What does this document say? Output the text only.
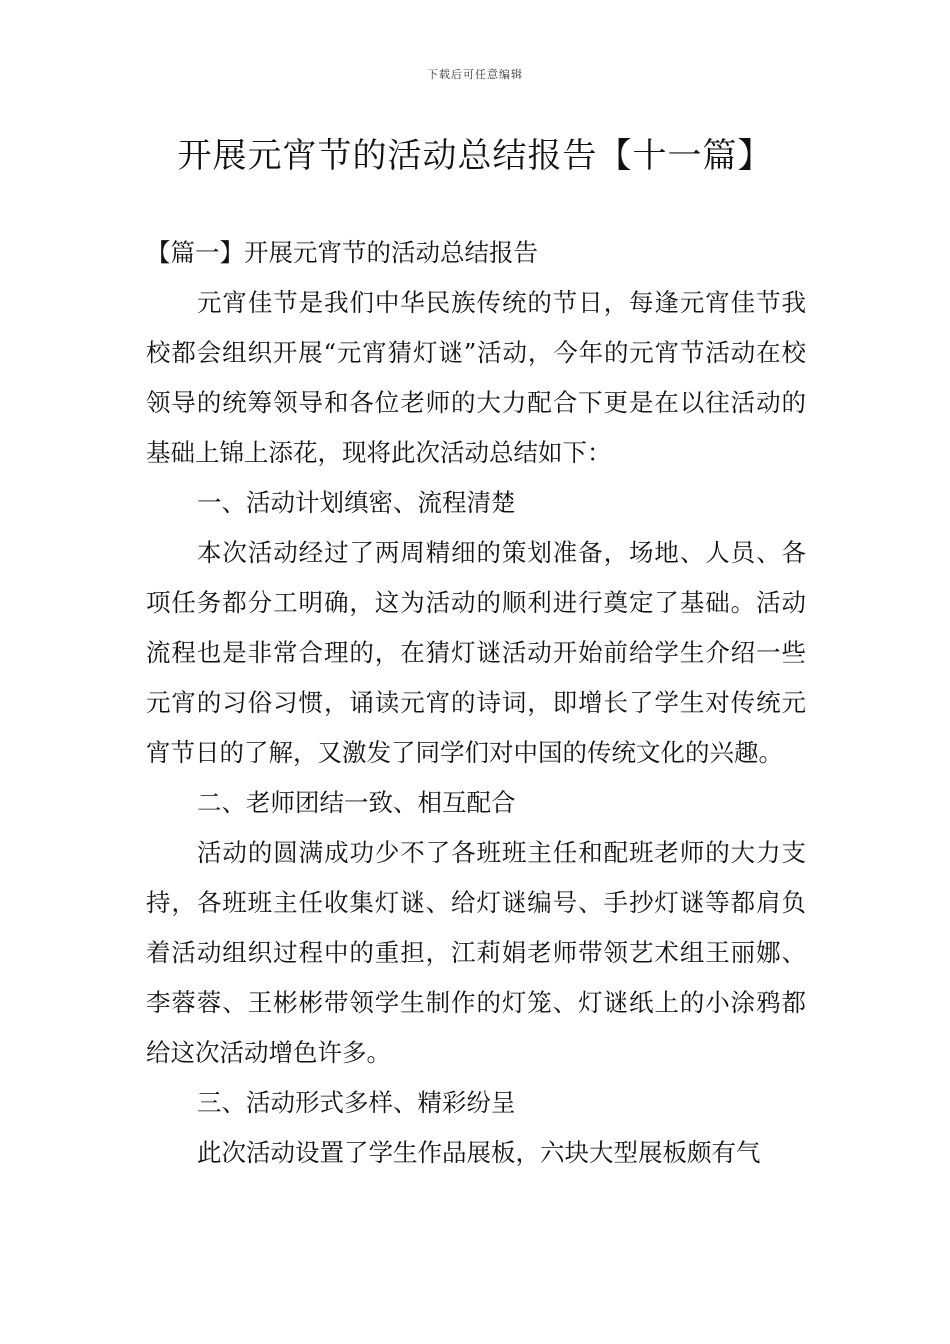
下载后可任意编辑
开展元宵节的活动总结报告【十一篇】

【篇一】开展元宵节的活动总结报告

元宵佳节是我们中华民族传统的节日，每逢元宵佳节我校都会组织开展“元宵猜灯谜”活动，今年的元宵节活动在校领导的统筹领导和各位老师的大力配合下更是在以往活动的基础上锦上添花，现将此次活动总结如下：

一、活动计划缜密、流程清楚

本次活动经过了两周精细的策划准备，场地、人员、各项任务都分工明确，这为活动的顺利进行奠定了基础。活动流程也是非常合理的，在猜灯谜活动开始前给学生介绍一些元宵的习俗习惯，诵读元宵的诗词，即增长了学生对传统元宵节日的了解，又激发了同学们对中国的传统文化的兴趣。

二、老师团结一致、相互配合

活动的圆满成功少不了各班班主任和配班老师的大力支持，各班班主任收集灯谜、给灯谜编号、手抄灯谜等都肩负着活动组织过程中的重担，江莉娟老师带领艺术组王丽娜、李蓉蓉、王彬彬带领学生制作的灯笼、灯谜纸上的小涂鸦都给这次活动增色许多。

三、活动形式多样、精彩纷呈

此次活动设置了学生作品展板，六块大型展板颇有气
